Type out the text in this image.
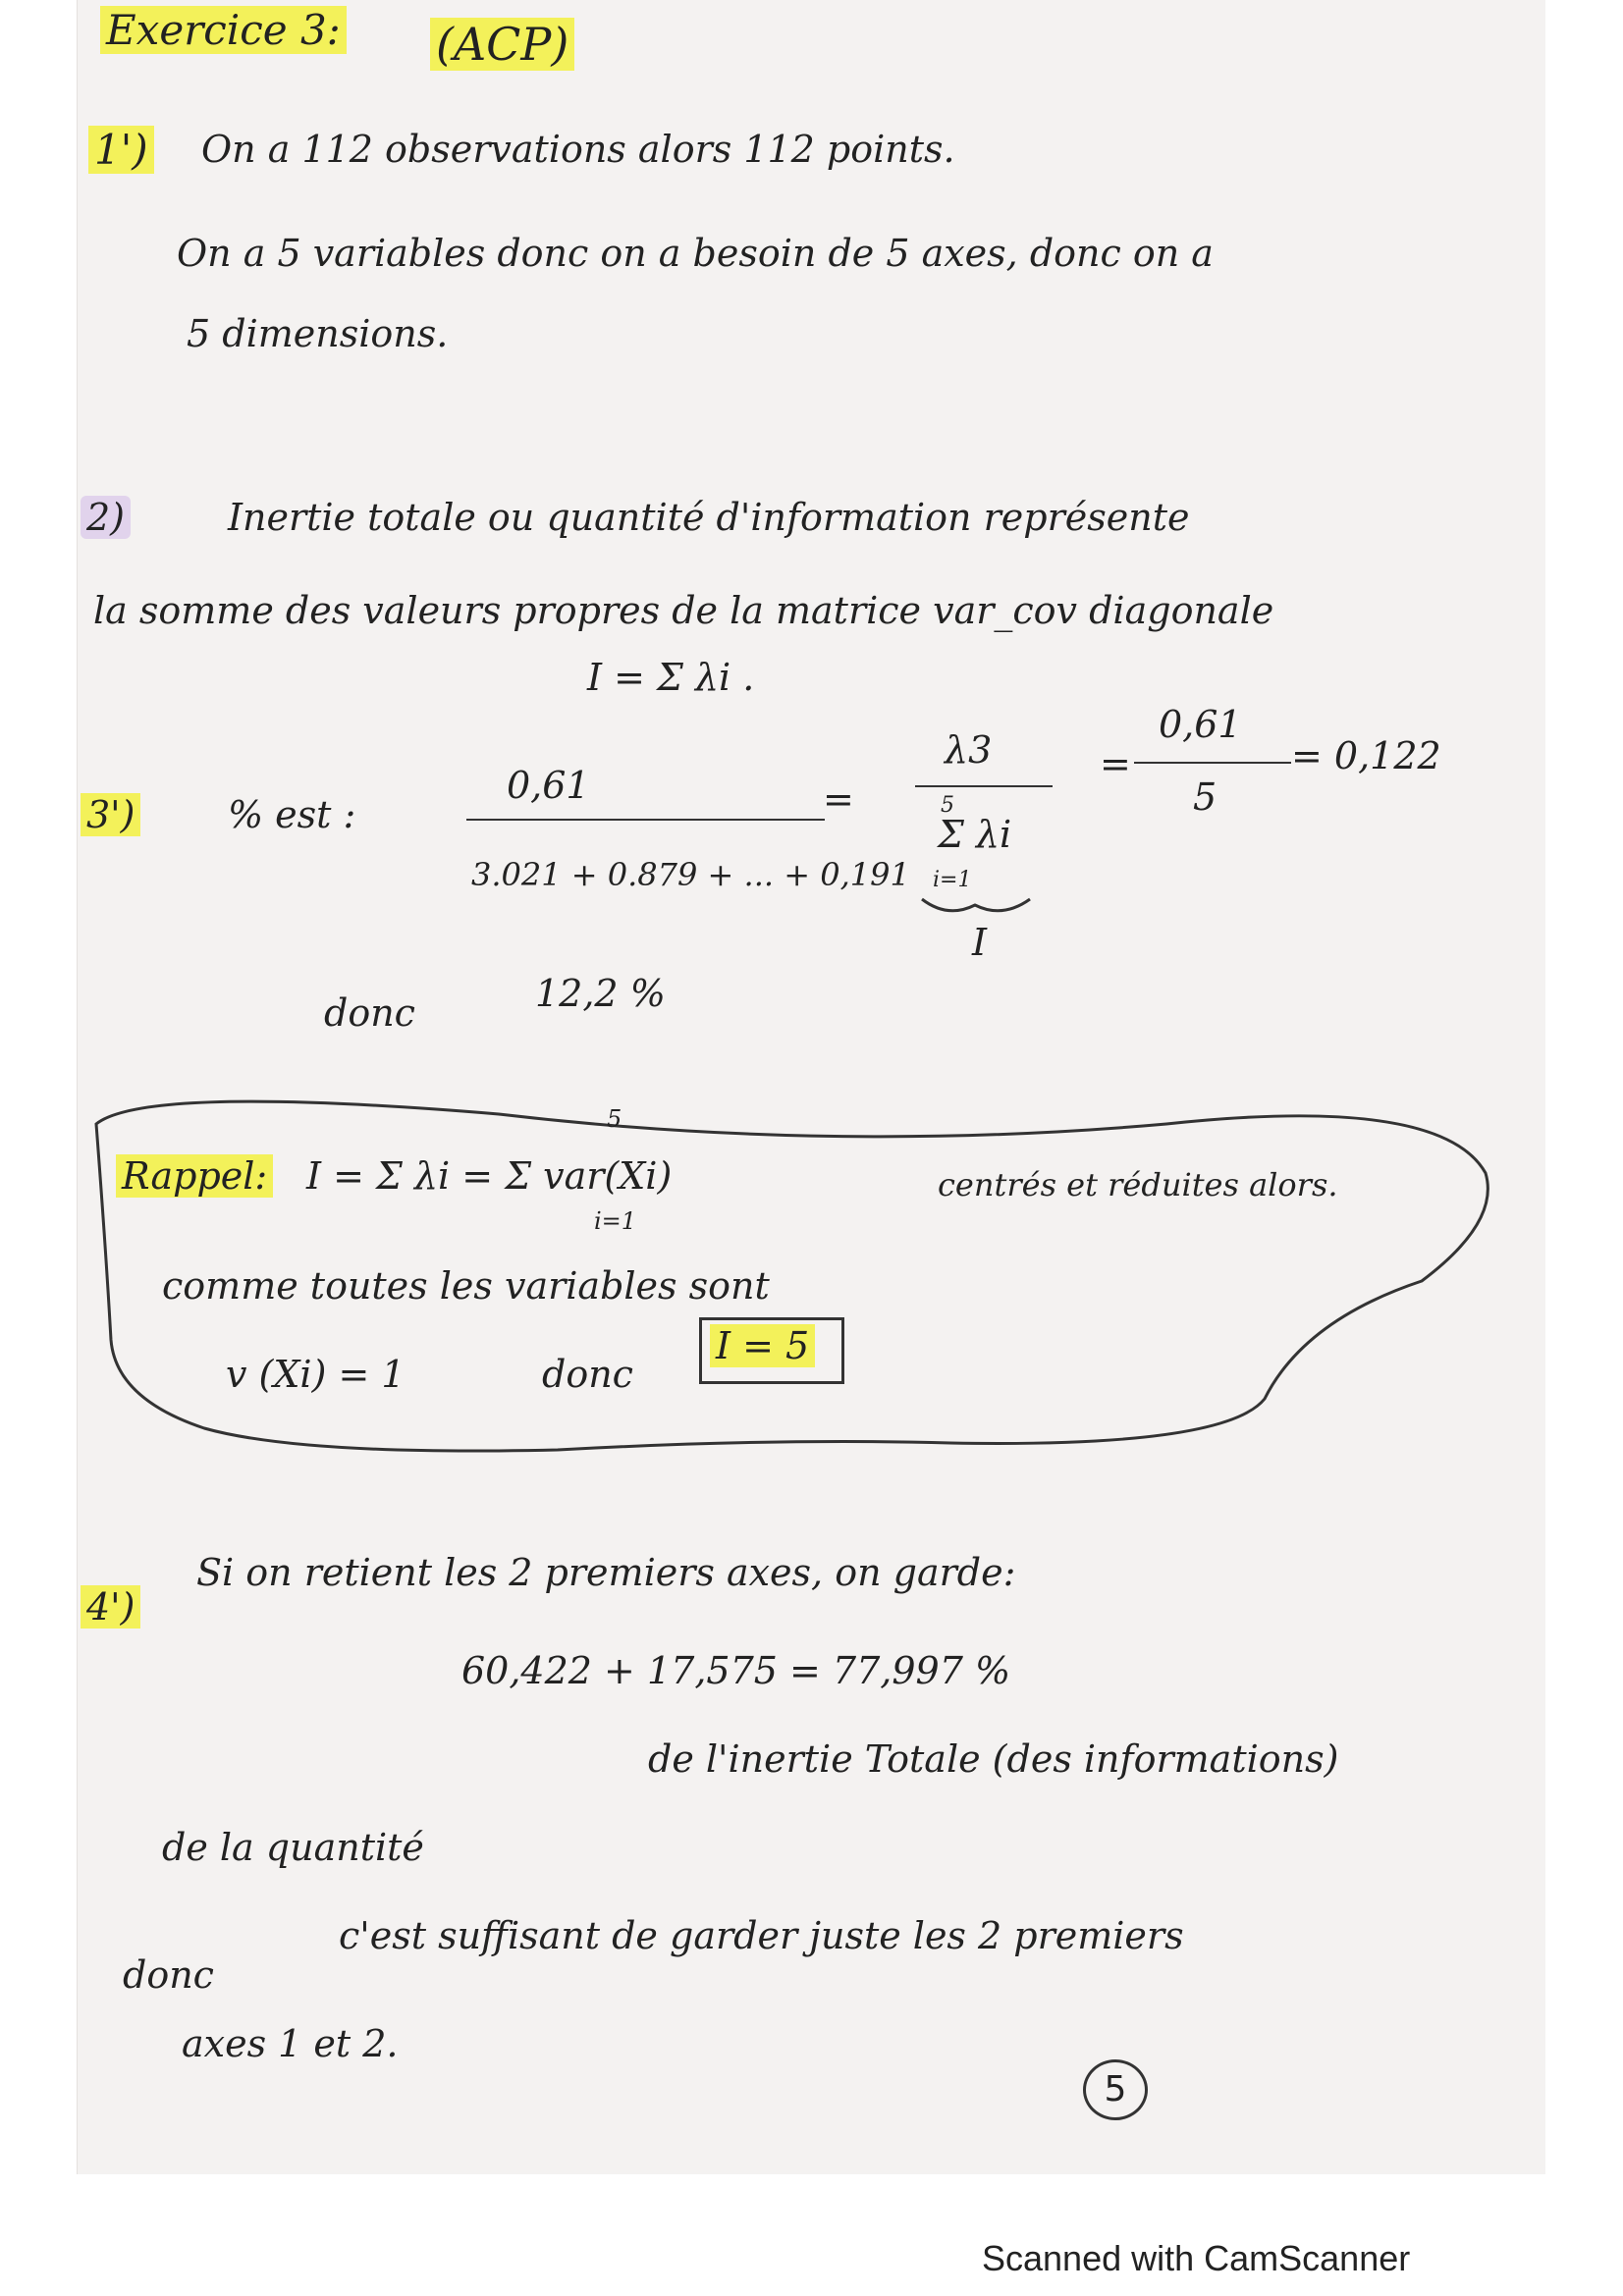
Exercice 3: (ACP)
1') On a 112 observations alors 112 points.
On a 5 variables donc on a besoin de 5 axes, donc on a
5 dimensions.
2)	Inertie totale ou quantité d'information représente
la somme des valeurs propres de la matrice var_cov diagonale
I = Σ λi .
3') % est :
0,61
3.021 + 0.879 + ... + 0,191
=
λ3
5
Σ λi
i=1
I
=
0,61
5
= 0,122
donc	12,2 %
Rappel: I = Σ λi = Σ var(Xi)
5
i=1
centrés et réduites alors.
comme toutes les variables sont
v (Xi) = 1	donc
I = 5
4')
Si on retient les 2 premiers axes, on garde:
60,422 + 17,575 = 77,997 %
de l'inertie Totale (des informations)
de la quantité
donc
c'est suffisant de garder juste les 2 premiers
axes 1 et 2.
5
Scanned with CamScanner
